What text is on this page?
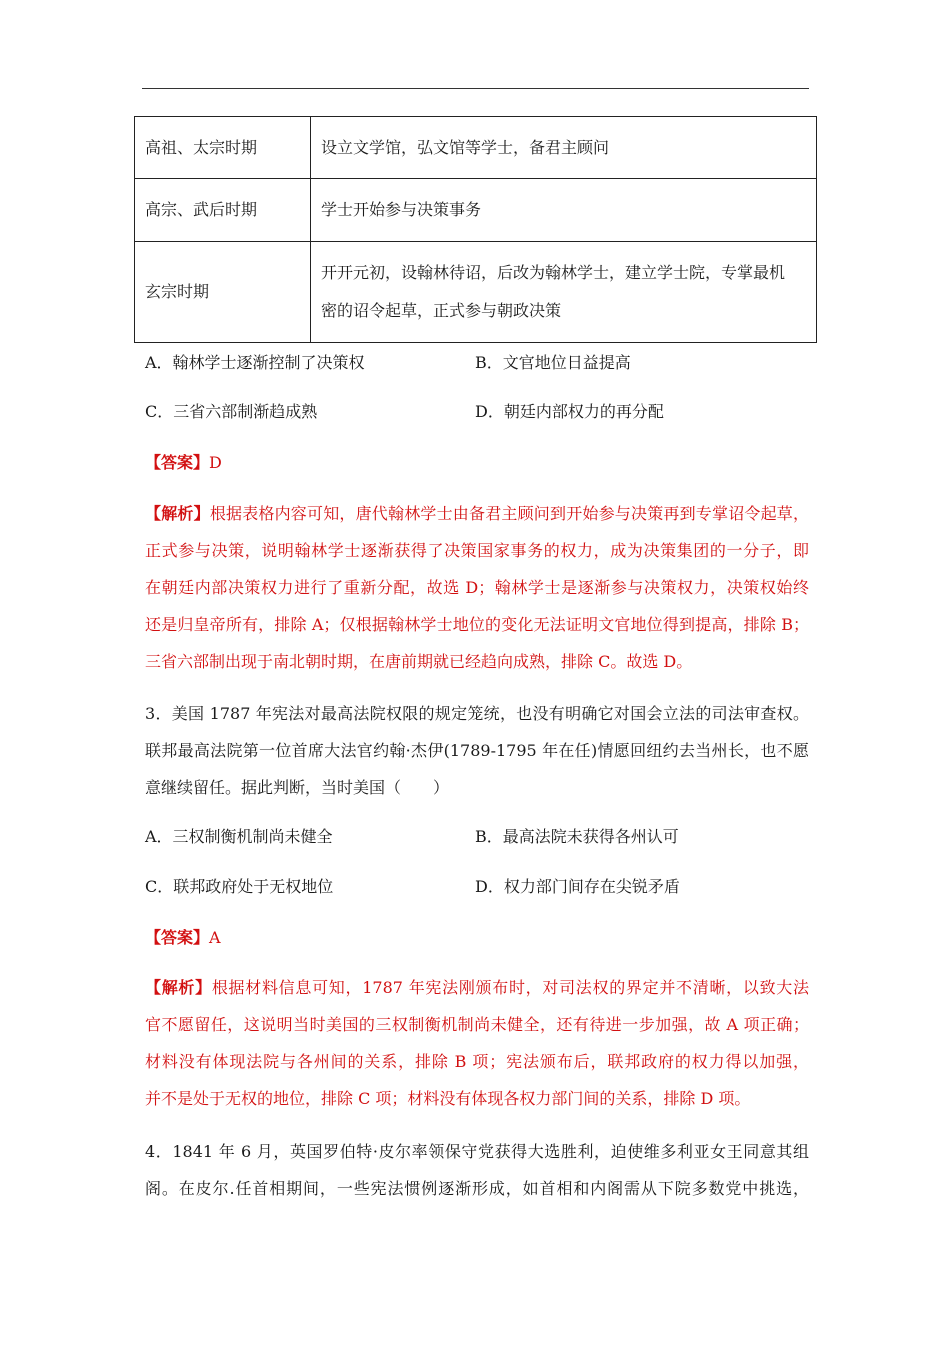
高祖、太宗时期	设立文学馆，弘文馆等学士，备君主顾问
高宗、武后时期	学士开始参与决策事务
玄宗时期	开开元初，设翰林待诏，后改为翰林学士，建立学士院，专掌最机
密的诏令起草，正式参与朝政决策
A．翰林学士逐渐控制了决策权	B．文官地位日益提高
C．三省六部制渐趋成熟	D．朝廷内部权力的再分配
【答案】D
【解析】根据表格内容可知，唐代翰林学士由备君主顾问到开始参与决策再到专掌诏令起草，
正式参与决策，说明翰林学士逐渐获得了决策国家事务的权力，成为决策集团的一分子，即
在朝廷内部决策权力进行了重新分配，故选 D；翰林学士是逐渐参与决策权力，决策权始终
还是归皇帝所有，排除 A；仅根据翰林学士地位的变化无法证明文官地位得到提高，排除 B；
三省六部制出现于南北朝时期，在唐前期就已经趋向成熟，排除 C。故选 D。
3．美国 1787 年宪法对最高法院权限的规定笼统，也没有明确它对国会立法的司法审查权。
联邦最高法院第一位首席大法官约翰·杰伊(1789-1795 年在任)情愿回纽约去当州长，也不愿
意继续留任。据此判断，当时美国（　　）
A．三权制衡机制尚未健全	B．最高法院未获得各州认可
C．联邦政府处于无权地位	D．权力部门间存在尖锐矛盾
【答案】A
【解析】根据材料信息可知，1787 年宪法刚颁布时，对司法权的界定并不清晰，以致大法
官不愿留任，这说明当时美国的三权制衡机制尚未健全，还有待进一步加强，故 A 项正确；
材料没有体现法院与各州间的关系，排除 B 项；宪法颁布后，联邦政府的权力得以加强，
并不是处于无权的地位，排除 C 项；材料没有体现各权力部门间的关系，排除 D 项。
4．1841 年 6 月，英国罗伯特·皮尔率领保守党获得大选胜利，迫使维多利亚女王同意其组
阁。在皮尔.任首相期间，一些宪法惯例逐渐形成，如首相和内阁需从下院多数党中挑选，
